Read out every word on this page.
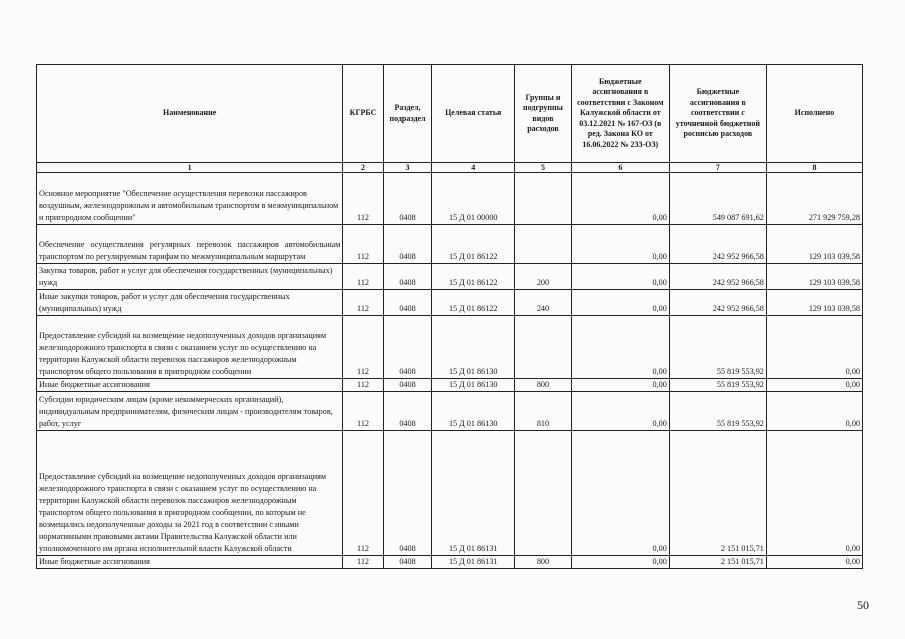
Наименование	КГРБС	Раздел, подраздел	Целевая статья	Группы и подгруппы видов расходов	Бюджетные ассигнования в соответствии с Законом Калужской области от 03.12.2021 № 167-ОЗ (в ред. Закона КО от 16.06.2022 № 233-ОЗ)	Бюджетные ассигнования в соответствии с уточненной бюджетной росписью расходов	Исполнено
1	2	3	4	5	6	7	8
Основное мероприятие "Обеспечение осуществления перевозки пассажиров воздушным, железнодорожным и автомобильным транспортом в межмуниципальном и пригородном сообщении"	112	0408	15 Д 01 00000		0,00	549 087 691,62	271 929 759,28
Обеспечение осуществления регулярных перевозок пассажиров автомобильным транспортом по регулируемым тарифам по межмуниципальным маршрутам	112	0408	15 Д 01 86122		0,00	242 952 966,58	129 103 039,58
Закупка товаров, работ и услуг для обеспечения государственных (муниципальных) нужд	112	0408	15 Д 01 86122	200	0,00	242 952 966,58	129 103 039,58
Иные закупки товаров, работ и услуг для обеспечения государственных (муниципальных) нужд	112	0408	15 Д 01 86122	240	0,00	242 952 966,58	129 103 039,58
Предоставление субсидий на возмещение недополученных доходов организациям железнодорожного транспорта в связи с оказанием услуг по осуществлению на территории Калужской области перевозок пассажиров железнодорожным транспортом общего пользования в пригородном сообщении	112	0408	15 Д 01 86130		0,00	55 819 553,92	0,00
Иные бюджетные ассигнования	112	0408	15 Д 01 86130	800	0,00	55 819 553,92	0,00
Субсидии юридическим лицам (кроме некоммерческих организаций), индивидуальным предпринимателям, физическим лицам - производителям товаров, работ, услуг	112	0408	15 Д 01 86130	810	0,00	55 819 553,92	0,00
Предоставление субсидий на возмещение недополученных доходов организациям железнодорожного транспорта в связи с оказанием услуг по осуществлению на территории Калужской области перевозок пассажиров железнодорожным транспортом общего пользования в пригородном сообщении, по которым не возмещались недополученные доходы за 2021 год в соответствии с иными нормативными правовыми актами Правительства Калужской области или уполномоченного им органа исполнительной власти Калужской области	112	0408	15 Д 01 86131		0,00	2 151 015,71	0,00
Иные бюджетные ассигнования	112	0408	15 Д 01 86131	800	0,00	2 151 015,71	0,00
50
